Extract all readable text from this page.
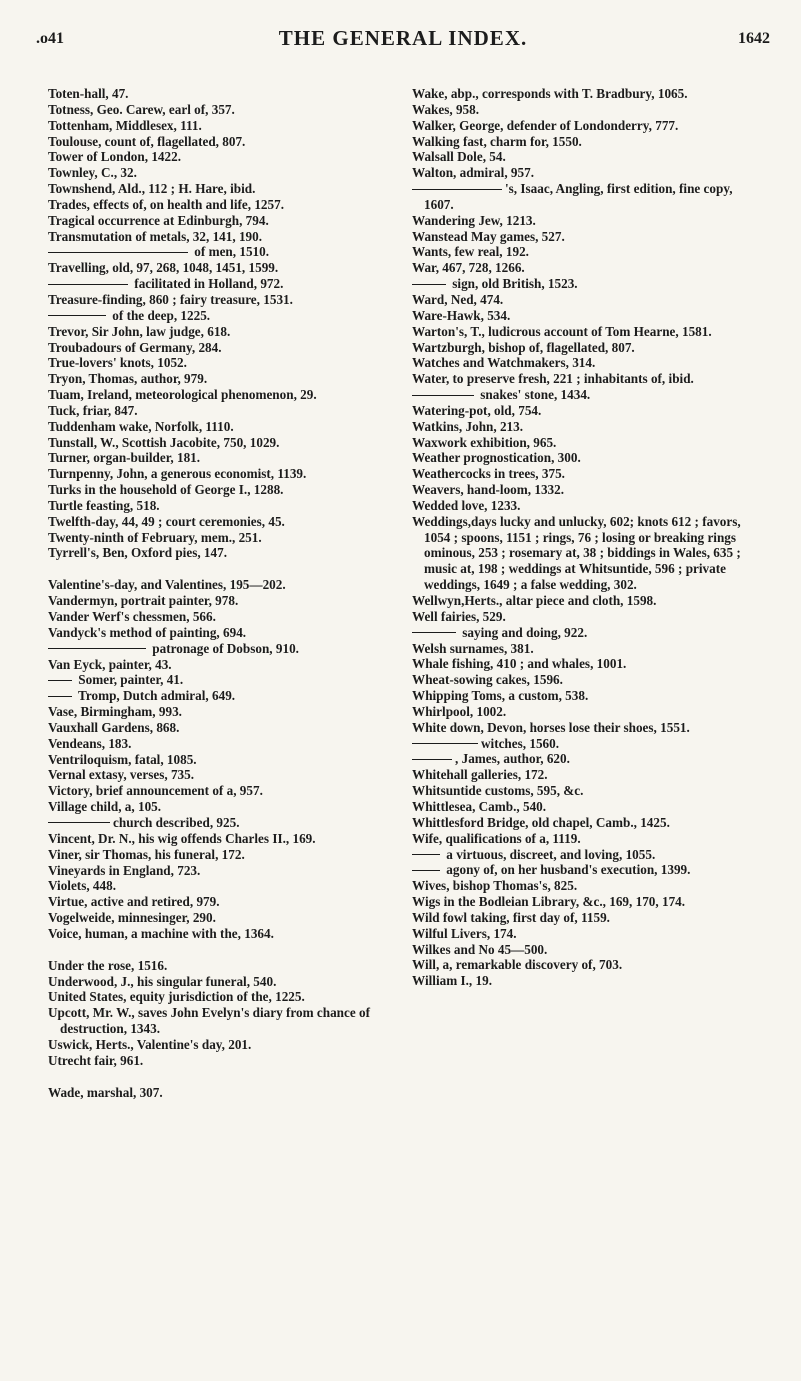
.o41	THE GENERAL INDEX.	1642

Toten-hall, 47.

Totness, Geo. Carew, earl of, 357.

Tottenham, Middlesex, 111.

Toulouse, count of, flagellated, 807.

Tower of London, 1422.

Townley, C., 32.

Townshend, Ald., 112 ; H. Hare, ibid.

Trades, effects of, on health and life, 1257.

Tragical occurrence at Edinburgh, 794.

Transmutation of metals, 32, 141, 190.

of men, 1510.

Travelling, old, 97, 268, 1048, 1451, 1599.

facilitated in Holland, 972.

Treasure-finding, 860 ; fairy treasure, 1531.

of the deep, 1225.

Trevor, Sir John, law judge, 618.

Troubadours of Germany, 284.

True-lovers' knots, 1052.

Tryon, Thomas, author, 979.

Tuam, Ireland, meteorological phenomenon, 29.

Tuck, friar, 847.

Tuddenham wake, Norfolk, 1110.

Tunstall, W., Scottish Jacobite, 750, 1029.

Turner, organ-builder, 181.

Turnpenny, John, a generous economist, 1139.

Turks in the household of George I., 1288.

Turtle feasting, 518.

Twelfth-day, 44, 49 ; court ceremonies, 45.

Twenty-ninth of February, mem., 251.

Tyrrell's, Ben, Oxford pies, 147.

Valentine's-day, and Valentines, 195—202.

Vandermyn, portrait painter, 978.

Vander Werf's chessmen, 566.

Vandyck's method of painting, 694.

patronage of Dobson, 910.

Van Eyck, painter, 43.

Somer, painter, 41.

Tromp, Dutch admiral, 649.

Vase, Birmingham, 993.

Vauxhall Gardens, 868.

Vendeans, 183.

Ventriloquism, fatal, 1085.

Vernal extasy, verses, 735.

Victory, brief announcement of a, 957.

Village child, a, 105.

church described, 925.

Vincent, Dr. N., his wig offends Charles II., 169.

Viner, sir Thomas, his funeral, 172.

Vineyards in England, 723.

Violets, 448.

Virtue, active and retired, 979.

Vogelweide, minnesinger, 290.

Voice, human, a machine with the, 1364.

Under the rose, 1516.

Underwood, J., his singular funeral, 540.

United States, equity jurisdiction of the, 1225.

Upcott, Mr. W., saves John Evelyn's diary from chance of destruction, 1343.

Uswick, Herts., Valentine's day, 201.

Utrecht fair, 961.

Wade, marshal, 307.

Wake, abp., corresponds with T. Bradbury, 1065.

Wakes, 958.

Walker, George, defender of Londonderry, 777.

Walking fast, charm for, 1550.

Walsall Dole, 54.

Walton, admiral, 957.

's, Isaac, Angling, first edition, fine copy, 1607.

Wandering Jew, 1213.

Wanstead May games, 527.

Wants, few real, 192.

War, 467, 728, 1266.

sign, old British, 1523.

Ward, Ned, 474.

Ware-Hawk, 534.

Warton's, T., ludicrous account of Tom Hearne, 1581.

Wartzburgh, bishop of, flagellated, 807.

Watches and Watchmakers, 314.

Water, to preserve fresh, 221 ; inhabitants of, ibid.

snakes' stone, 1434.

Watering-pot, old, 754.

Watkins, John, 213.

Waxwork exhibition, 965.

Weather prognostication, 300.

Weathercocks in trees, 375.

Weavers, hand-loom, 1332.

Wedded love, 1233.

Weddings,days lucky and unlucky, 602; knots 612 ; favors, 1054 ; spoons, 1151 ; rings, 76 ; losing or breaking rings ominous, 253 ; rosemary at, 38 ; biddings in Wales, 635 ; music at, 198 ; weddings at Whitsuntide, 596 ; private weddings, 1649 ; a false wedding, 302.

Wellwyn,Herts., altar piece and cloth, 1598.

Well fairies, 529.

saying and doing, 922.

Welsh surnames, 381.

Whale fishing, 410 ; and whales, 1001.

Wheat-sowing cakes, 1596.

Whipping Toms, a custom, 538.

Whirlpool, 1002.

White down, Devon, horses lose their shoes, 1551.

witches, 1560.

, James, author, 620.

Whitehall galleries, 172.

Whitsuntide customs, 595, &c.

Whittlesea, Camb., 540.

Whittlesford Bridge, old chapel, Camb., 1425.

Wife, qualifications of a, 1119.

a virtuous, discreet, and loving, 1055.

agony of, on her husband's execution, 1399.

Wives, bishop Thomas's, 825.

Wigs in the Bodleian Library, &c., 169, 170, 174.

Wild fowl taking, first day of, 1159.

Wilful Livers, 174.

Wilkes and No 45—500.

Will, a, remarkable discovery of, 703.

William I., 19.
